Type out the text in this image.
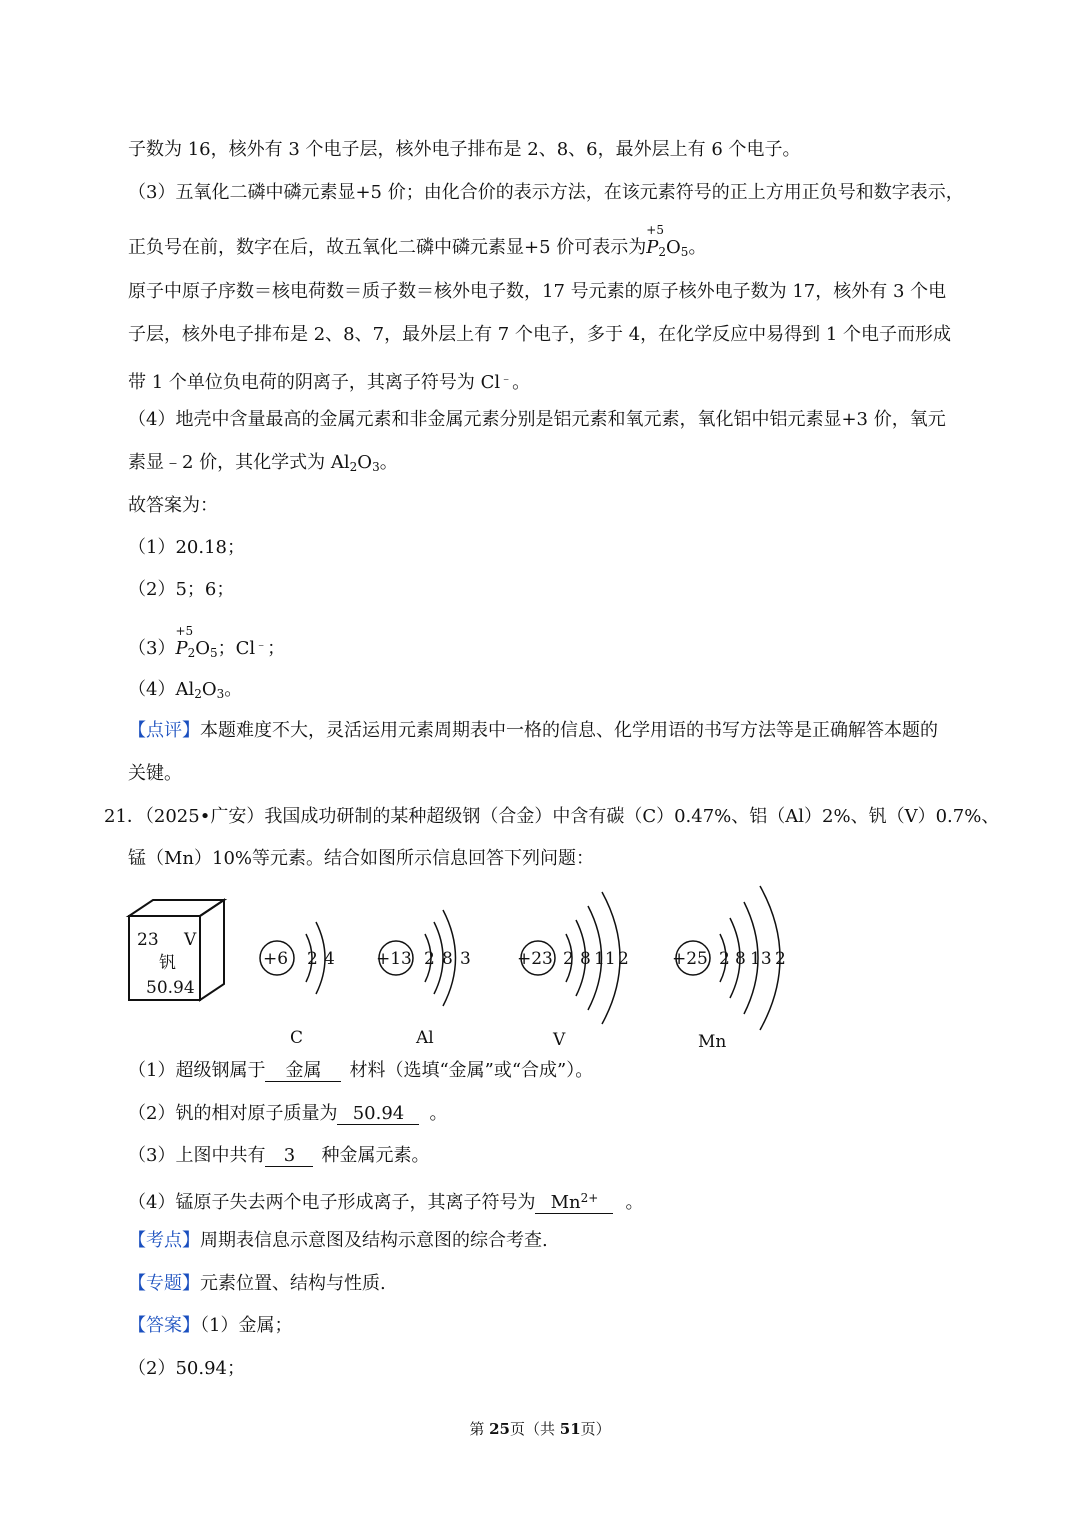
子数为 16，核外有 3 个电子层，核外电子排布是 2、8、6，最外层上有 6 个电子。
（3）五氧化二磷中磷元素显+5 价；由化合价的表示方法，在该元素符号的正上方用正负号和数字表示，
正负号在前，数字在后，故五氧化二磷中磷元素显+5 价可表示为
+5
$P_2O_5$。
原子中原子序数＝核电荷数＝质子数＝核外电子数，17 号元素的原子核外电子数为 17，核外有 3 个电
子层，核外电子排布是 2、8、7，最外层上有 7 个电子，多于 4，在化学反应中易得到 1 个电子而形成
带 1 个单位负电荷的阴离子，其离子符号为 Cl﹣。
（4）地壳中含量最高的金属元素和非金属元素分别是铝元素和氧元素，氧化铝中铝元素显+3 价，氧元
素显﹣2 价，其化学式为 $Al_2O_3$。
故答案为：
（1）20.18；
（2）5；6；
（3）
+5
$P_2O_5$；Cl﹣；
$(4)Al_2O_3$。
【点评】本题难度不大，灵活运用元素周期表中一格的信息、化学用语的书写方法等是正确解答本题的
关键。
21．（2025•广安）我国成功研制的某种超级钢（合金）中含有碳（C）0.47%、铝（Al）2%、钒（V）0.7%、
锰（Mn）10%等元素。结合如图所示信息回答下列问题：
23 V
钒
50.94
+6 2 4
C
+13 2 8 3
Al
+23 2 8 11 2
V
+25 2 8 13 2
Mn
（1）超级钢属于 金属 材料（选填“金属”或“合成”）。
（2）钒的相对原子质量为 50.94 。
（3）上图中共有 3 种金属元素。
（4）锰原子失去两个电子形成离子，其离子符号为 $Mn^{2+}$ 。
【考点】周期表信息示意图及结构示意图的综合考查.
【专题】元素位置、结构与性质.
【答案】（1）金属；
（2）50.94；
第 25页（共 51页）
